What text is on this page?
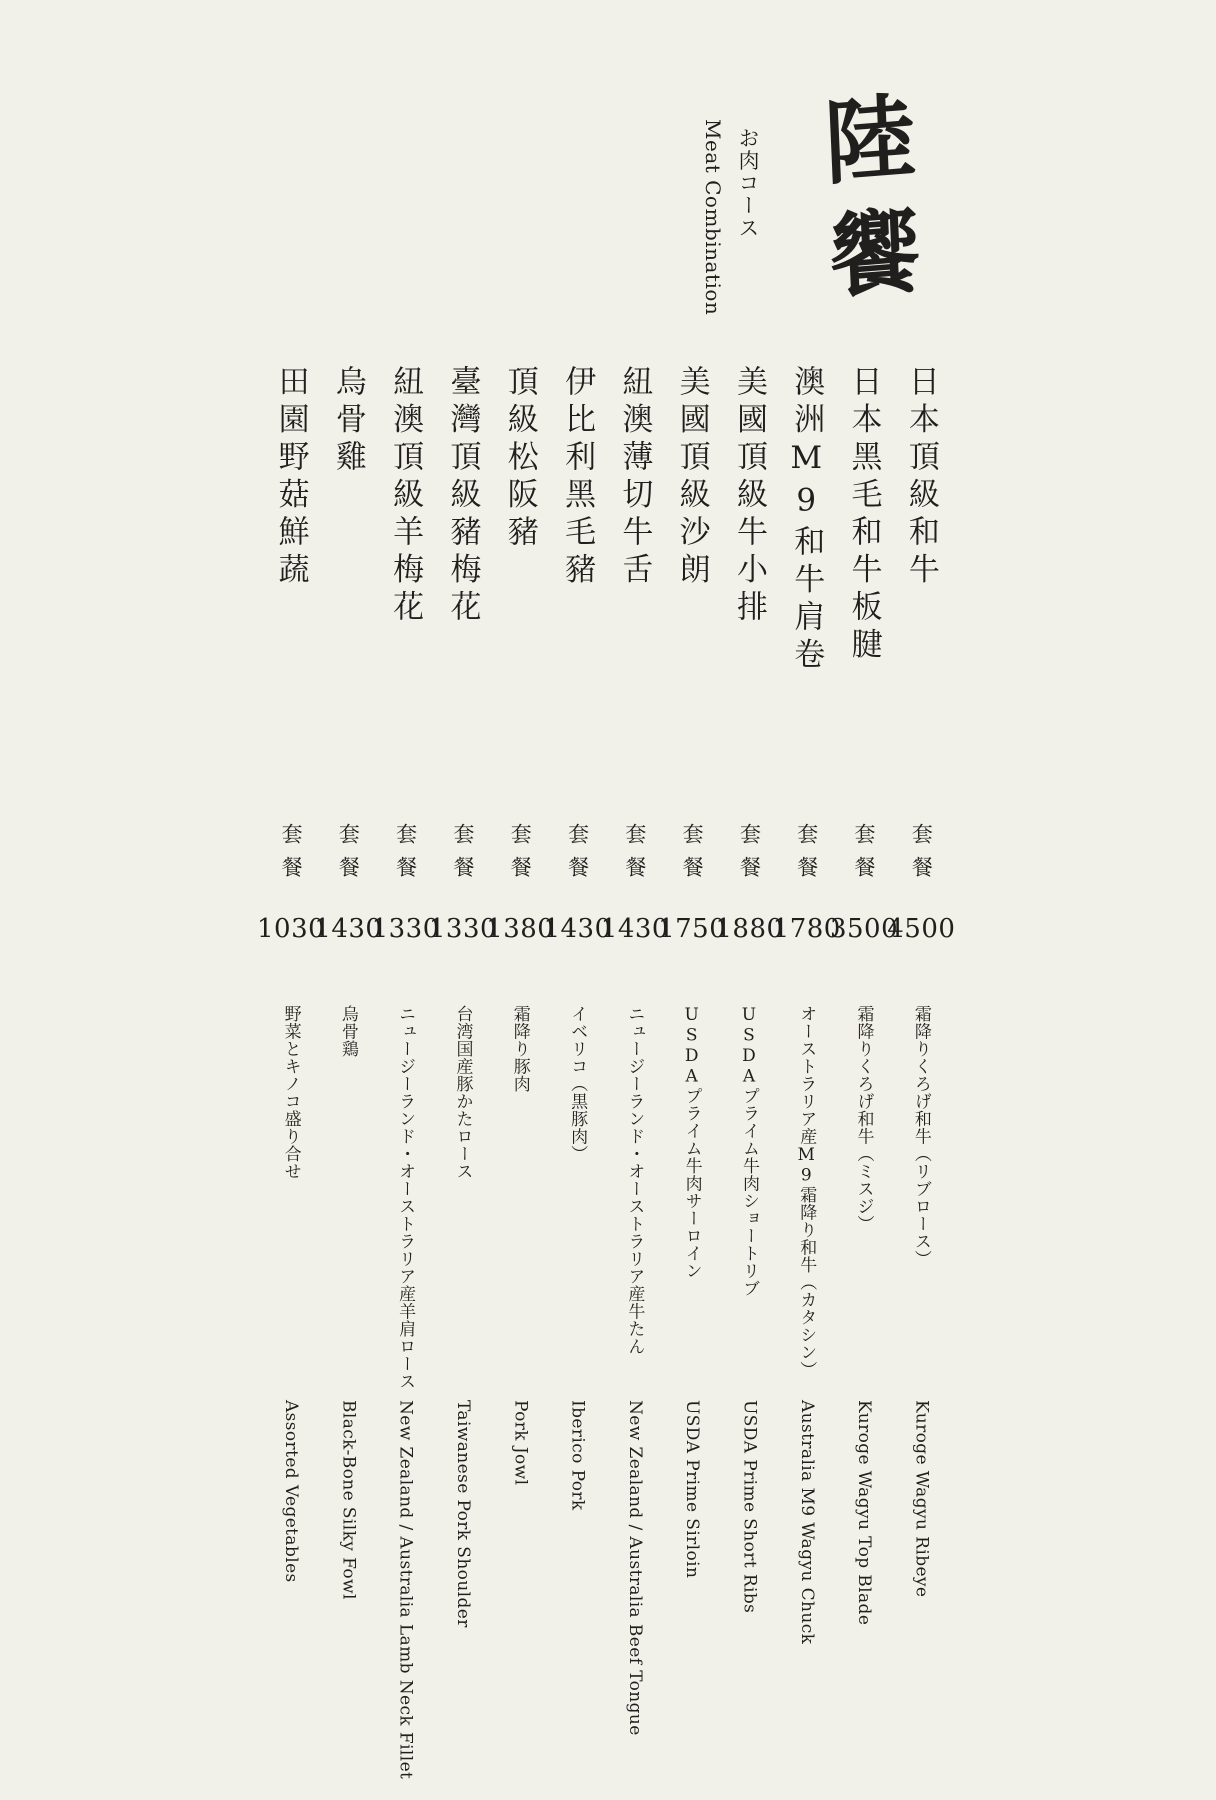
陸饗
お肉コース
Meat Combination
日本頂級和牛
套餐
4500
霜降りくろげ和牛（リブロース）
Kuroge Wagyu Ribeye
日本黑毛和牛板腱
套餐
3500
霜降りくろげ和牛（ミスジ）
Kuroge Wagyu Top Blade
澳洲M9和牛肩卷
套餐
1780
オーストラリア産M9霜降り和牛（カタシン）
Australia M9 Wagyu Chuck
美國頂級牛小排
套餐
1880
USDAプライム牛肉ショートリブ
USDA Prime Short Ribs
美國頂級沙朗
套餐
1750
USDAプライム牛肉サーロイン
USDA Prime Sirloin
紐澳薄切牛舌
套餐
1430
ニュージーランド・オーストラリア産牛たん
New Zealand / Australia Beef Tongue
伊比利黑毛豬
套餐
1430
イベリコ（黒豚肉）
Iberico Pork
頂級松阪豬
套餐
1380
霜降り豚肉
Pork Jowl
臺灣頂級豬梅花
套餐
1330
台湾国産豚かたロース
Taiwanese Pork Shoulder
紐澳頂級羊梅花
套餐
1330
ニュージーランド・オーストラリア産羊肩ロース
New Zealand / Australia Lamb Neck Fillet
烏骨雞
套餐
1430
烏骨鶏
Black-Bone Silky Fowl
田園野菇鮮蔬
套餐
1030
野菜とキノコ盛り合せ
Assorted Vegetables
